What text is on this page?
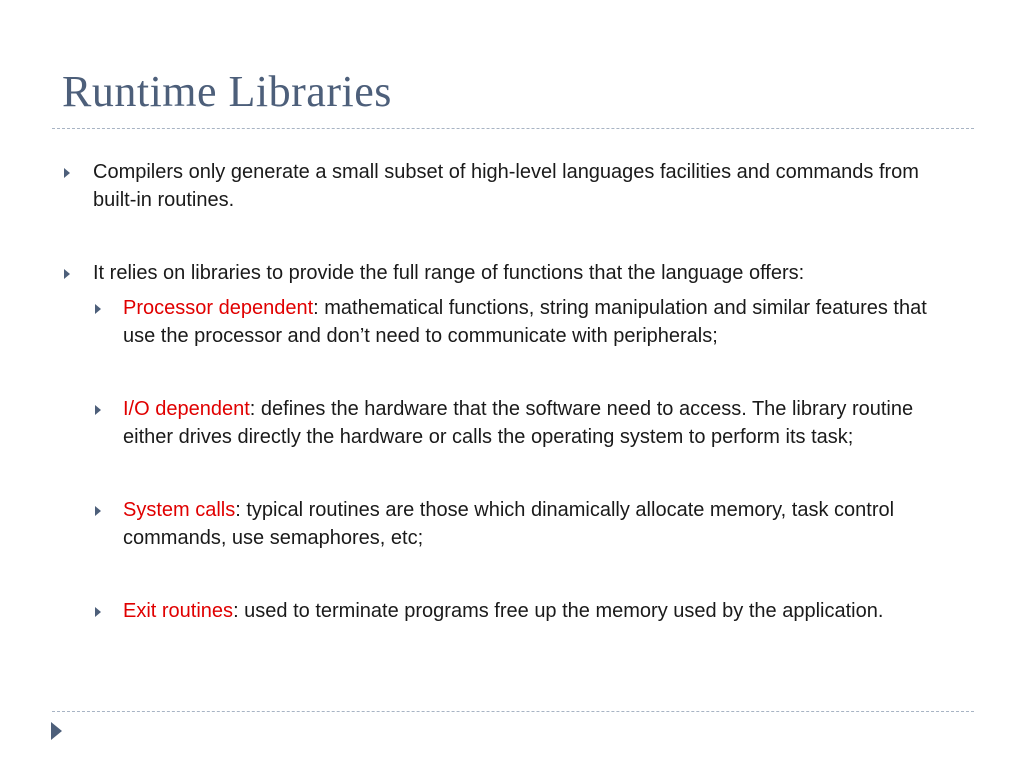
Runtime Libraries
Compilers only generate a small subset of high-level languages facilities and commands from built-in routines.
It relies on libraries to provide the full range of functions that the language offers:
Processor dependent: mathematical functions, string manipulation and similar features that use the processor and don’t need to communicate with peripherals;
I/O dependent: defines the hardware that the software need to access. The library routine either drives directly the hardware or calls the operating system to perform its task;
System calls: typical routines are those which dinamically allocate memory, task control commands, use semaphores, etc;
Exit routines: used to terminate programs free up the memory used by the application.
